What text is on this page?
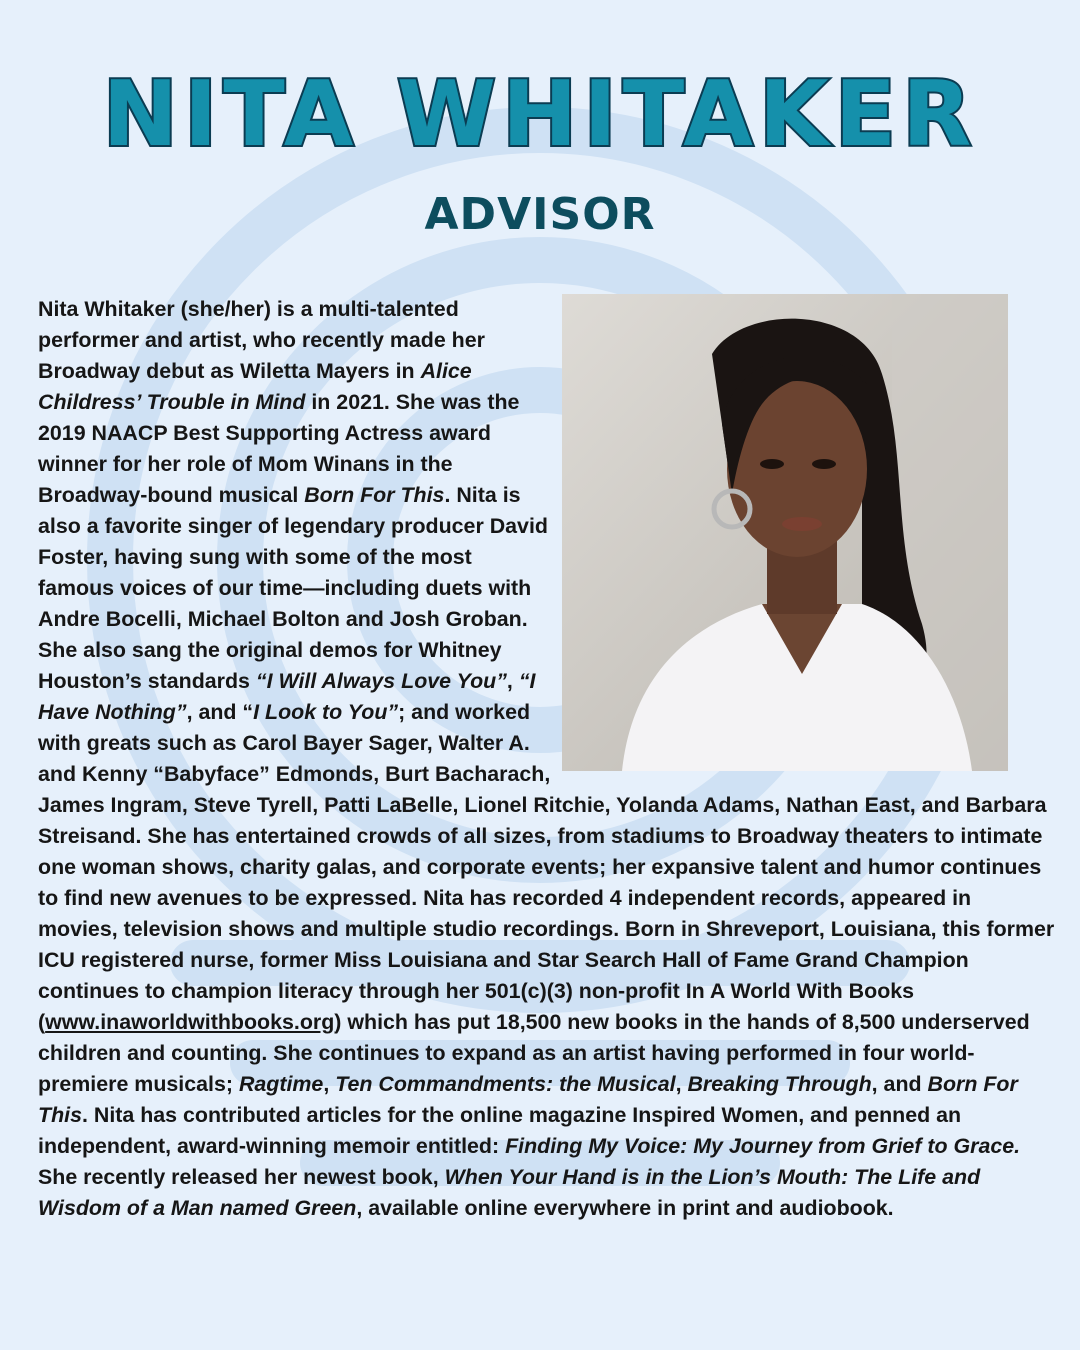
NITA WHITAKER
ADVISOR
Nita Whitaker (she/her) is a multi-talented performer and artist, who recently made her Broadway debut as Wiletta Mayers in Alice Childress’ Trouble in Mind in 2021. She was the 2019 NAACP Best Supporting Actress award winner for her role of Mom Winans in the Broadway-bound musical Born For This. Nita is also a favorite singer of legendary producer David Foster, having sung with some of the most famous voices of our time—including duets with Andre Bocelli, Michael Bolton and Josh Groban. She also sang the original demos for Whitney Houston’s standards “I Will Always Love You”, “I Have Nothing”, and “I Look to You”; and worked with greats such as Carol Bayer Sager, Walter A. and Kenny “Babyface” Edmonds, Burt Bacharach, James Ingram, Steve Tyrell, Patti LaBelle, Lionel Ritchie, Yolanda Adams, Nathan East, and Barbara Streisand. She has entertained crowds of all sizes, from stadiums to Broadway theaters to intimate one woman shows, charity galas, and corporate events; her expansive talent and humor continues to find new avenues to be expressed. Nita has recorded 4 independent records, appeared in movies, television shows and multiple studio recordings. Born in Shreveport, Louisiana, this former ICU registered nurse, former Miss Louisiana and Star Search Hall of Fame Grand Champion continues to champion literacy through her 501(c)(3) non-profit In A World With Books (www.inaworldwithbooks.org) which has put 18,500 new books in the hands of 8,500 underserved children and counting. She continues to expand as an artist having performed in four world-premiere musicals; Ragtime, Ten Commandments: the Musical, Breaking Through, and Born For This. Nita has contributed articles for the online magazine Inspired Women, and penned an independent, award-winning memoir entitled: Finding My Voice: My Journey from Grief to Grace. She recently released her newest book, When Your Hand is in the Lion’s Mouth: The Life and Wisdom of a Man named Green, available online everywhere in print and audiobook.
